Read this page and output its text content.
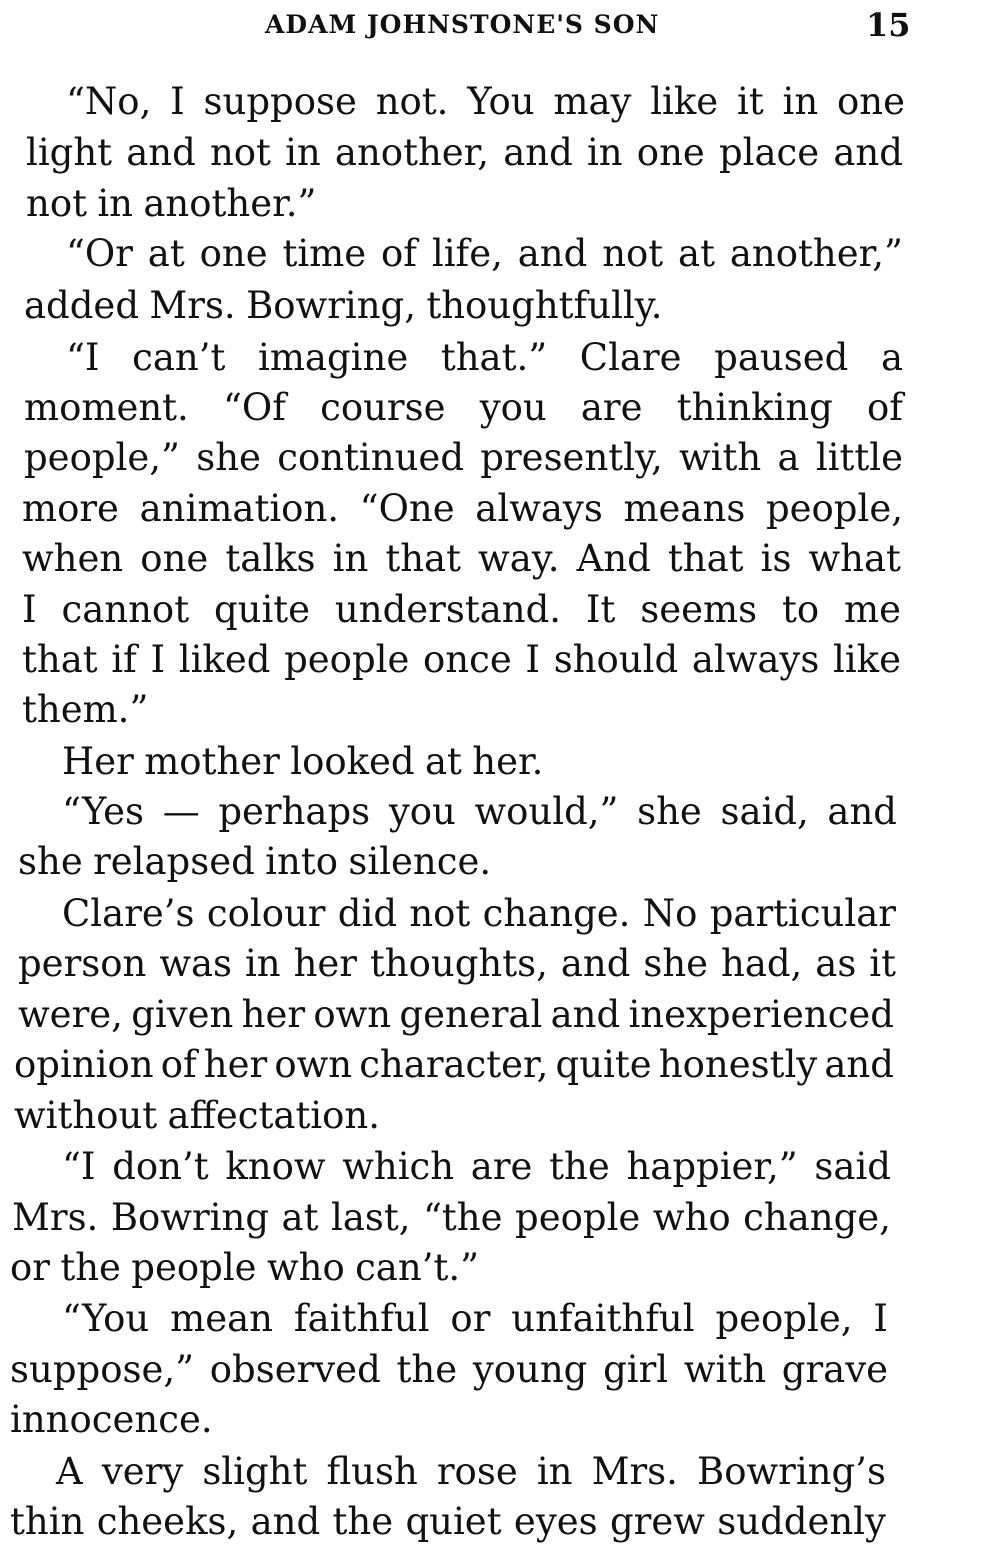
ADAM JOHNSTONE'S SON	15
“No, I suppose not. You may like it in one
light and not in another, and in one place and
not in another.”
“Or at one time of life, and not at another,”
added Mrs. Bowring, thoughtfully.
“I can’t imagine that.” Clare paused a
moment. “Of course you are thinking of
people,” she continued presently, with a little
more animation. “One always means people,
when one talks in that way. And that is what
I cannot quite understand. It seems to me
that if I liked people once I should always like
them.”
Her mother looked at her.
“Yes — perhaps you would,” she said, and
she relapsed into silence.
Clare’s colour did not change. No particular
person was in her thoughts, and she had, as it
were, given her own general and inexperienced
opinion of her own character, quite honestly and
without affectation.
“I don’t know which are the happier,” said
Mrs. Bowring at last, “the people who change,
or the people who can’t.”
“You mean faithful or unfaithful people, I
suppose,” observed the young girl with grave
innocence.
A very slight flush rose in Mrs. Bowring’s
thin cheeks, and the quiet eyes grew suddenly
